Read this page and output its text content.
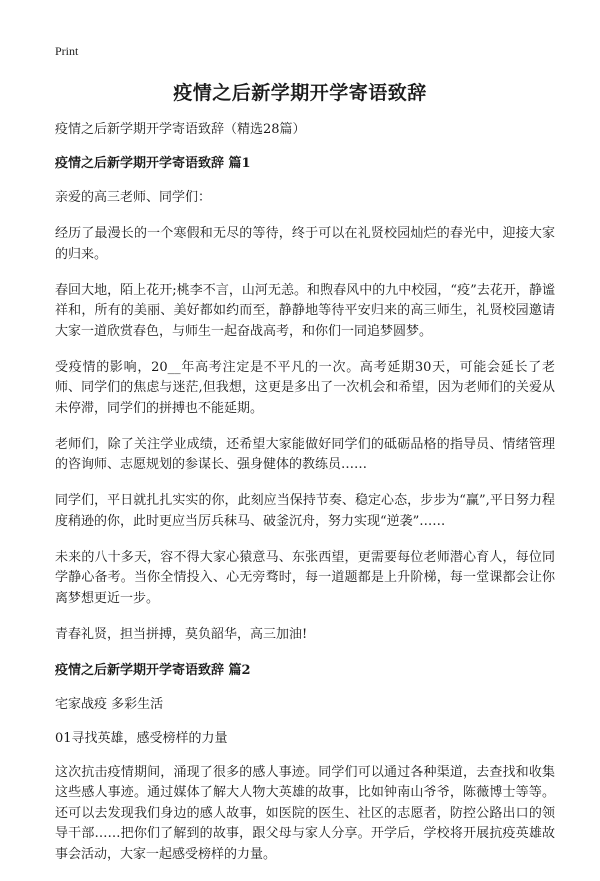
Print
疫情之后新学期开学寄语致辞

疫情之后新学期开学寄语致辞（精选28篇）

疫情之后新学期开学寄语致辞 篇1

亲爱的高三老师、同学们：

经历了最漫长的一个寒假和无尽的等待，终于可以在礼贤校园灿烂的春光中，迎接大家的归来。

春回大地，陌上花开;桃李不言，山河无恙。和煦春风中的九中校园，“疫”去花开，静谧祥和，所有的美丽、美好都如约而至，静静地等待平安归来的高三师生，礼贤校园邀请大家一道欣赏春色，与师生一起奋战高考，和你们一同追梦圆梦。

受疫情的影响，20__年高考注定是不平凡的一次。高考延期30天，可能会延长了老师、同学们的焦虑与迷茫,但我想，这更是多出了一次机会和希望，因为老师们的关爱从未停滞，同学们的拼搏也不能延期。

老师们，除了关注学业成绩，还希望大家能做好同学们的砥砺品格的指导员、情绪管理的咨询师、志愿规划的参谋长、强身健体的教练员……

同学们，平日就扎扎实实的你，此刻应当保持节奏、稳定心态，步步为“赢”,平日努力程度稍逊的你，此时更应当厉兵秣马、破釜沉舟，努力实现“逆袭”……

未来的八十多天，容不得大家心猿意马、东张西望，更需要每位老师潜心育人，每位同学静心备考。当你全情投入、心无旁骛时，每一道题都是上升阶梯，每一堂课都会让你离梦想更近一步。

青春礼贤，担当拼搏，莫负韶华，高三加油!

疫情之后新学期开学寄语致辞 篇2

宅家战疫 多彩生活

01寻找英雄，感受榜样的力量

这次抗击疫情期间，涌现了很多的感人事迹。同学们可以通过各种渠道，去查找和收集这些感人事迹。通过媒体了解大人物大英雄的故事，比如钟南山爷爷，陈薇博士等等。还可以去发现我们身边的感人故事，如医院的医生、社区的志愿者，防控公路出口的领导干部……把你们了解到的故事，跟父母与家人分享。开学后，学校将开展抗疫英雄故事会活动，大家一起感受榜样的力量。
